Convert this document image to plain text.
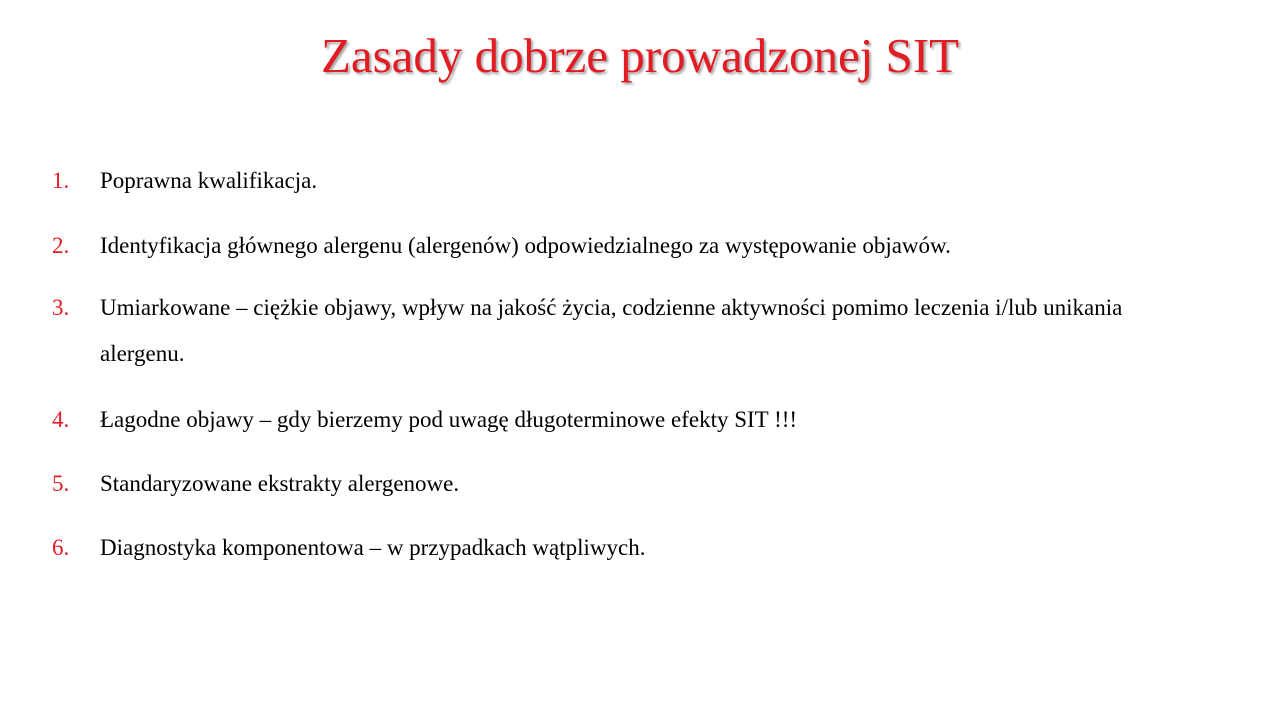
Zasady dobrze prowadzonej SIT
1. Poprawna kwalifikacja.
2. Identyfikacja głównego alergenu (alergenów) odpowiedzialnego za występowanie objawów.
3. Umiarkowane – ciężkie objawy, wpływ na jakość życia, codzienne aktywności pomimo leczenia i/lub unikania alergenu.
4. Łagodne objawy – gdy bierzemy pod uwagę długoterminowe efekty SIT !!!
5. Standaryzowane ekstrakty alergenowe.
6. Diagnostyka komponentowa – w przypadkach wątpliwych.
